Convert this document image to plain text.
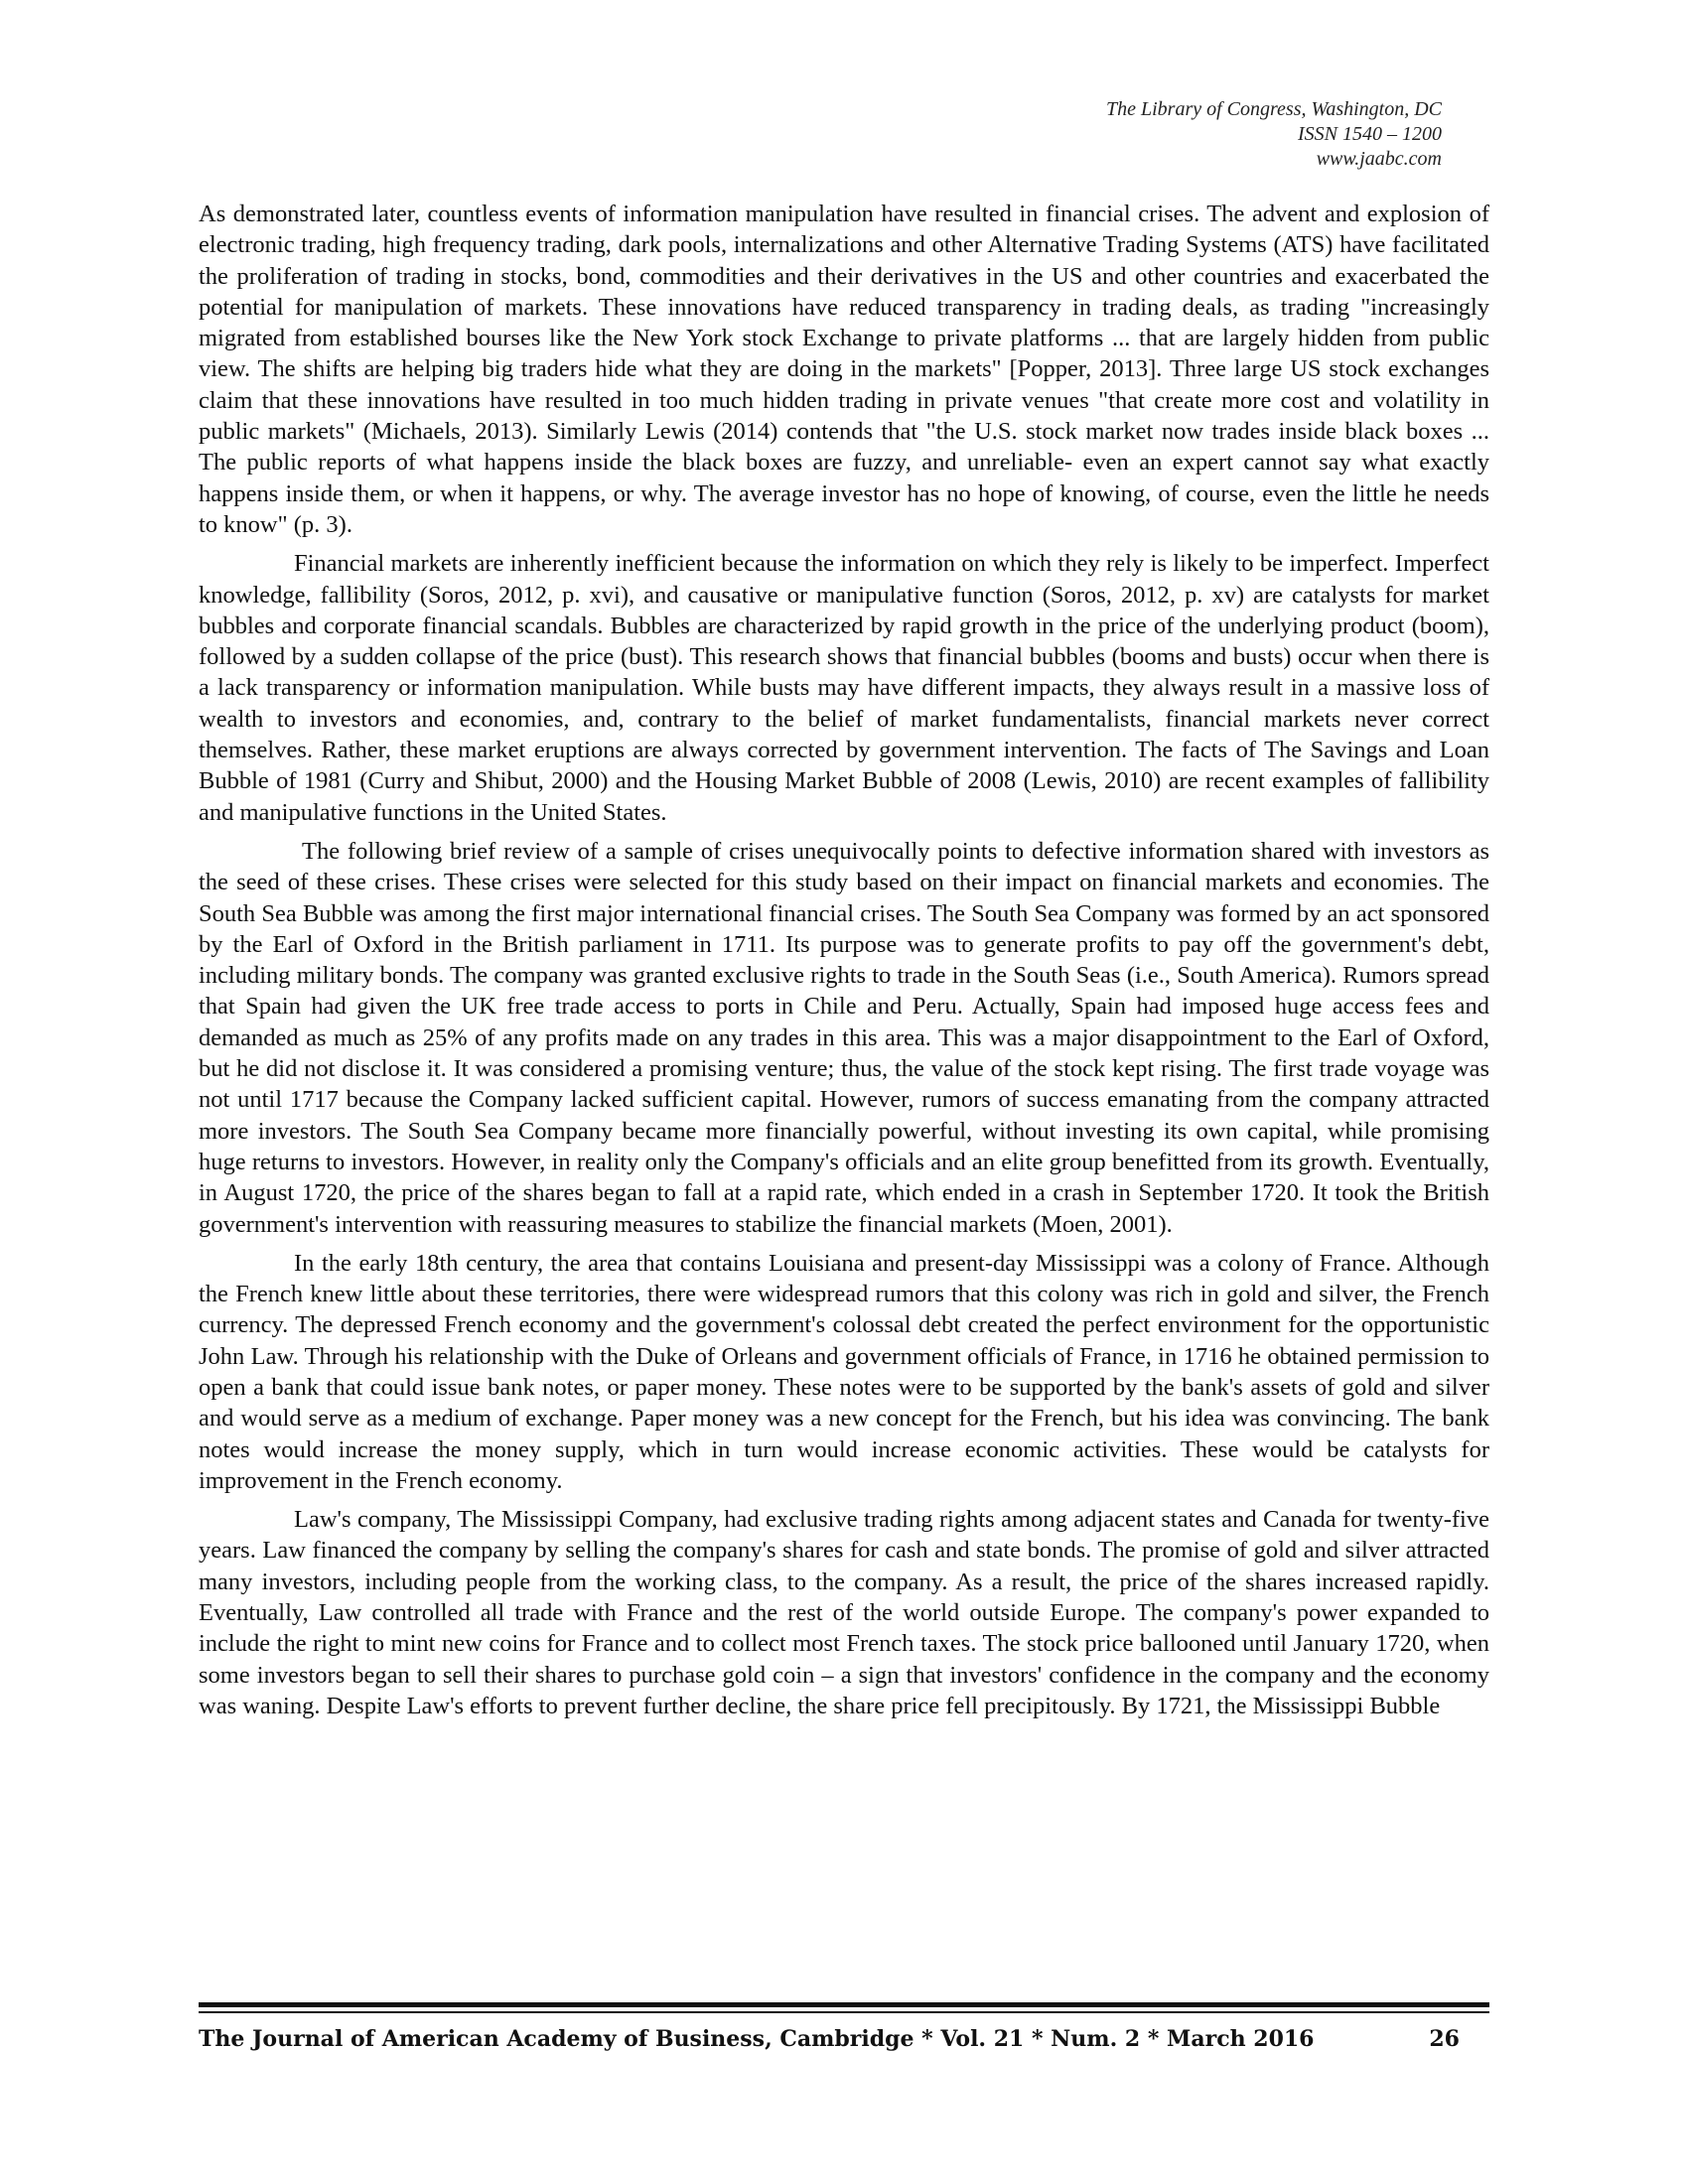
The Library of Congress, Washington, DC
ISSN 1540 – 1200
www.jaabc.com

As demonstrated later, countless events of information manipulation have resulted in financial crises. The advent and explosion of electronic trading, high frequency trading, dark pools, internalizations and other Alternative Trading Systems (ATS) have facilitated the proliferation of trading in stocks, bond, commodities and their derivatives in the US and other countries and exacerbated the potential for manipulation of markets. These innovations have reduced transparency in trading deals, as trading "increasingly migrated from established bourses like the New York stock Exchange to private platforms ... that are largely hidden from public view. The shifts are helping big traders hide what they are doing in the markets" [Popper, 2013]. Three large US stock exchanges claim that these innovations have resulted in too much hidden trading in private venues "that create more cost and volatility in public markets" (Michaels, 2013). Similarly Lewis (2014) contends that "the U.S. stock market now trades inside black boxes ... The public reports of what happens inside the black boxes are fuzzy, and unreliable- even an expert cannot say what exactly happens inside them, or when it happens, or why. The average investor has no hope of knowing, of course, even the little he needs to know" (p. 3).

Financial markets are inherently inefficient because the information on which they rely is likely to be imperfect. Imperfect knowledge, fallibility (Soros, 2012, p. xvi), and causative or manipulative function (Soros, 2012, p. xv) are catalysts for market bubbles and corporate financial scandals. Bubbles are characterized by rapid growth in the price of the underlying product (boom), followed by a sudden collapse of the price (bust). This research shows that financial bubbles (booms and busts) occur when there is a lack transparency or information manipulation. While busts may have different impacts, they always result in a massive loss of wealth to investors and economies, and, contrary to the belief of market fundamentalists, financial markets never correct themselves. Rather, these market eruptions are always corrected by government intervention. The facts of The Savings and Loan Bubble of 1981 (Curry and Shibut, 2000) and the Housing Market Bubble of 2008 (Lewis, 2010) are recent examples of fallibility and manipulative functions in the United States.

The following brief review of a sample of crises unequivocally points to defective information shared with investors as the seed of these crises. These crises were selected for this study based on their impact on financial markets and economies. The South Sea Bubble was among the first major international financial crises. The South Sea Company was formed by an act sponsored by the Earl of Oxford in the British parliament in 1711. Its purpose was to generate profits to pay off the government's debt, including military bonds. The company was granted exclusive rights to trade in the South Seas (i.e., South America). Rumors spread that Spain had given the UK free trade access to ports in Chile and Peru. Actually, Spain had imposed huge access fees and demanded as much as 25% of any profits made on any trades in this area. This was a major disappointment to the Earl of Oxford, but he did not disclose it. It was considered a promising venture; thus, the value of the stock kept rising. The first trade voyage was not until 1717 because the Company lacked sufficient capital. However, rumors of success emanating from the company attracted more investors. The South Sea Company became more financially powerful, without investing its own capital, while promising huge returns to investors. However, in reality only the Company's officials and an elite group benefitted from its growth. Eventually, in August 1720, the price of the shares began to fall at a rapid rate, which ended in a crash in September 1720. It took the British government's intervention with reassuring measures to stabilize the financial markets (Moen, 2001).

In the early 18th century, the area that contains Louisiana and present-day Mississippi was a colony of France. Although the French knew little about these territories, there were widespread rumors that this colony was rich in gold and silver, the French currency. The depressed French economy and the government's colossal debt created the perfect environment for the opportunistic John Law. Through his relationship with the Duke of Orleans and government officials of France, in 1716 he obtained permission to open a bank that could issue bank notes, or paper money. These notes were to be supported by the bank's assets of gold and silver and would serve as a medium of exchange. Paper money was a new concept for the French, but his idea was convincing. The bank notes would increase the money supply, which in turn would increase economic activities. These would be catalysts for improvement in the French economy.

Law's company, The Mississippi Company, had exclusive trading rights among adjacent states and Canada for twenty-five years. Law financed the company by selling the company's shares for cash and state bonds. The promise of gold and silver attracted many investors, including people from the working class, to the company. As a result, the price of the shares increased rapidly. Eventually, Law controlled all trade with France and the rest of the world outside Europe. The company's power expanded to include the right to mint new coins for France and to collect most French taxes. The stock price ballooned until January 1720, when some investors began to sell their shares to purchase gold coin – a sign that investors' confidence in the company and the economy was waning. Despite Law's efforts to prevent further decline, the share price fell precipitously. By 1721, the Mississippi Bubble

The Journal of American Academy of Business, Cambridge * Vol. 21 * Num. 2 * March 2016	26
